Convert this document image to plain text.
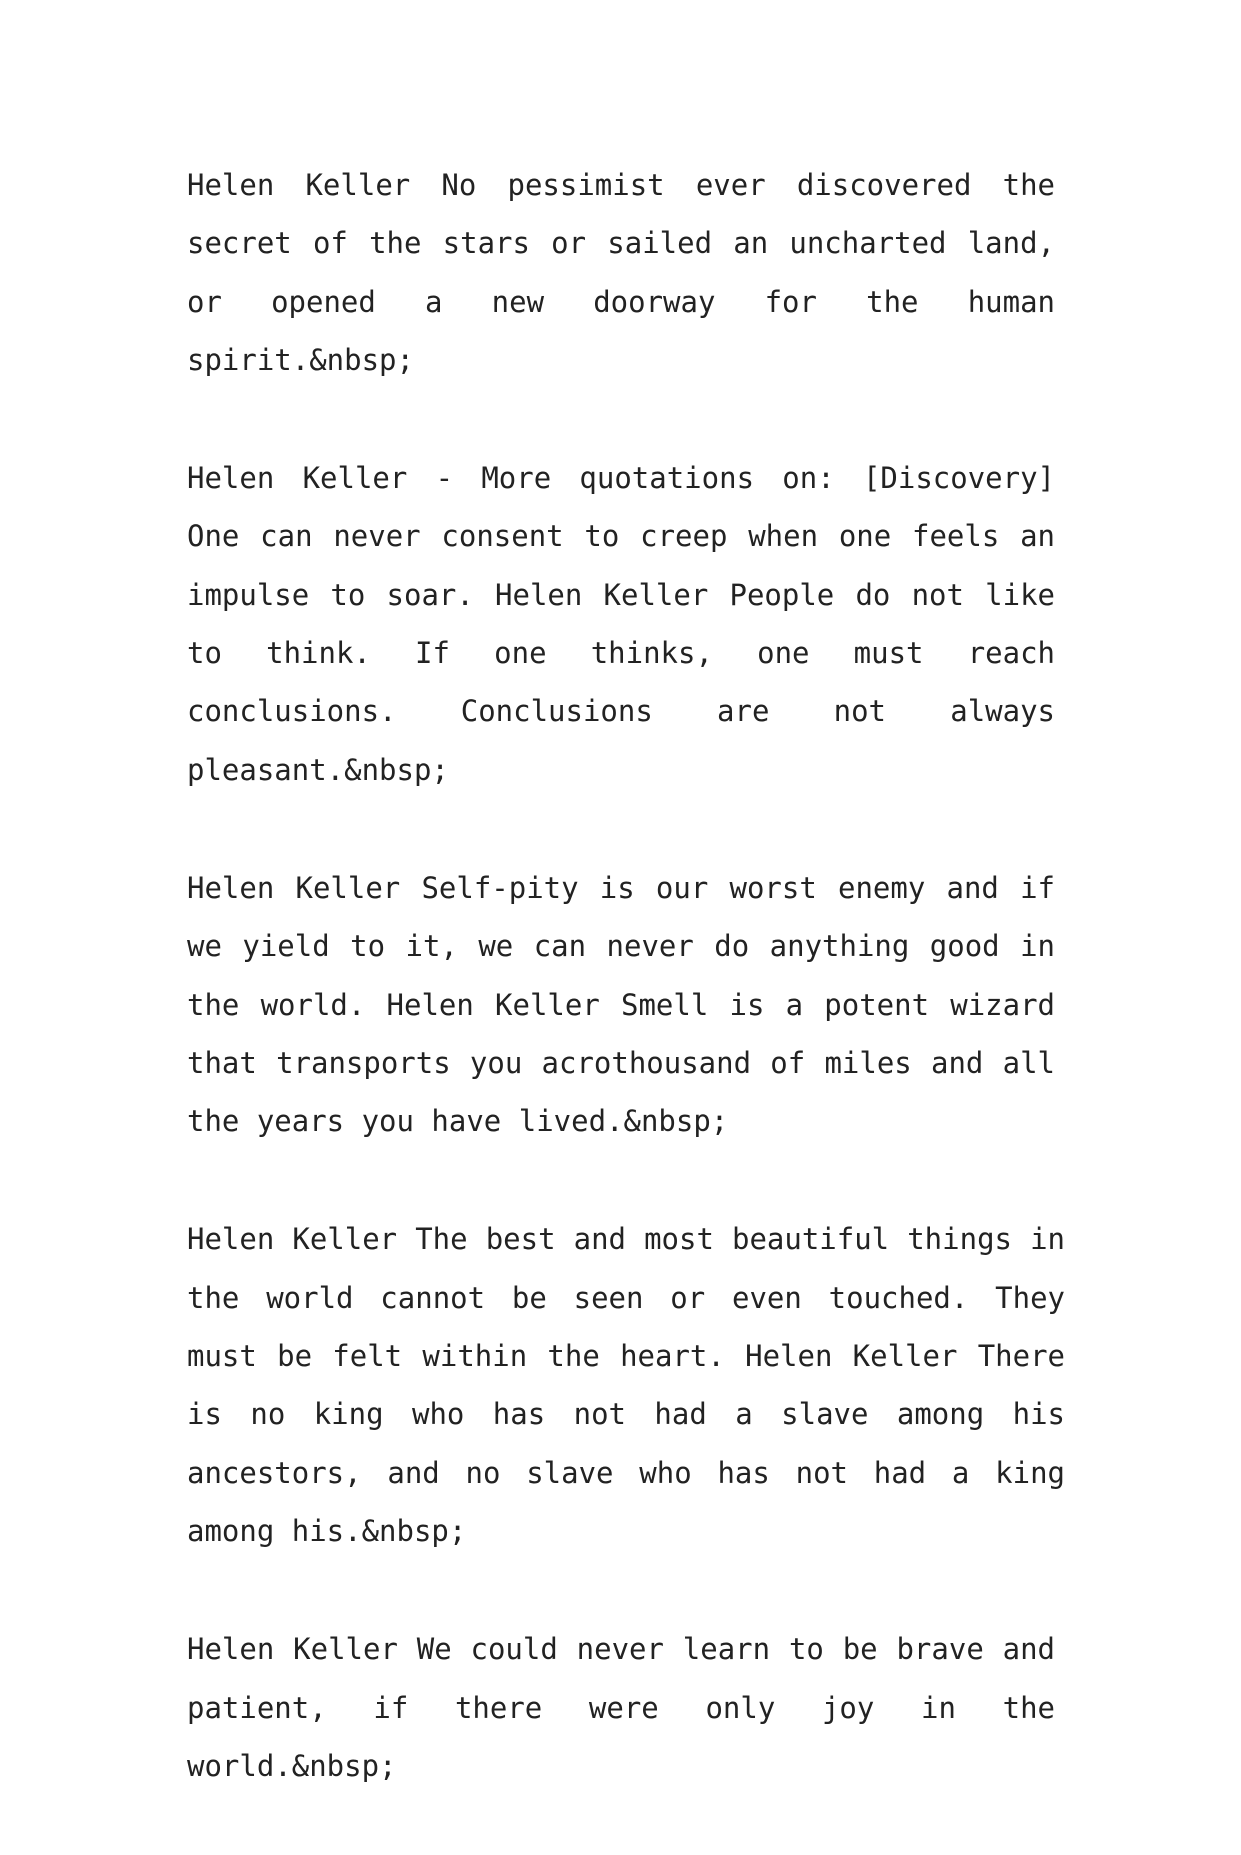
Helen Keller No pessimist ever discovered the secret of the stars or sailed an uncharted land, or opened a new doorway for the human spirit.&nbsp;

Helen Keller - More quotations on: [Discovery] One can never consent to creep when one feels an impulse to soar. Helen Keller People do not like to think. If one thinks, one must reach conclusions. Conclusions are not always pleasant.&nbsp;

Helen Keller Self-pity is our worst enemy and if we yield to it, we can never do anything good in the world. Helen Keller Smell is a potent wizard that transports you acrothousand of miles and all the years you have lived.&nbsp;

Helen Keller The best and most beautiful things in the world cannot be seen or even touched. They must be felt within the heart. Helen Keller There is no king who has not had a slave among his ancestors, and no slave who has not had a king among his.&nbsp;

Helen Keller We could never learn to be brave and patient, if there were only joy in the world.&nbsp;
